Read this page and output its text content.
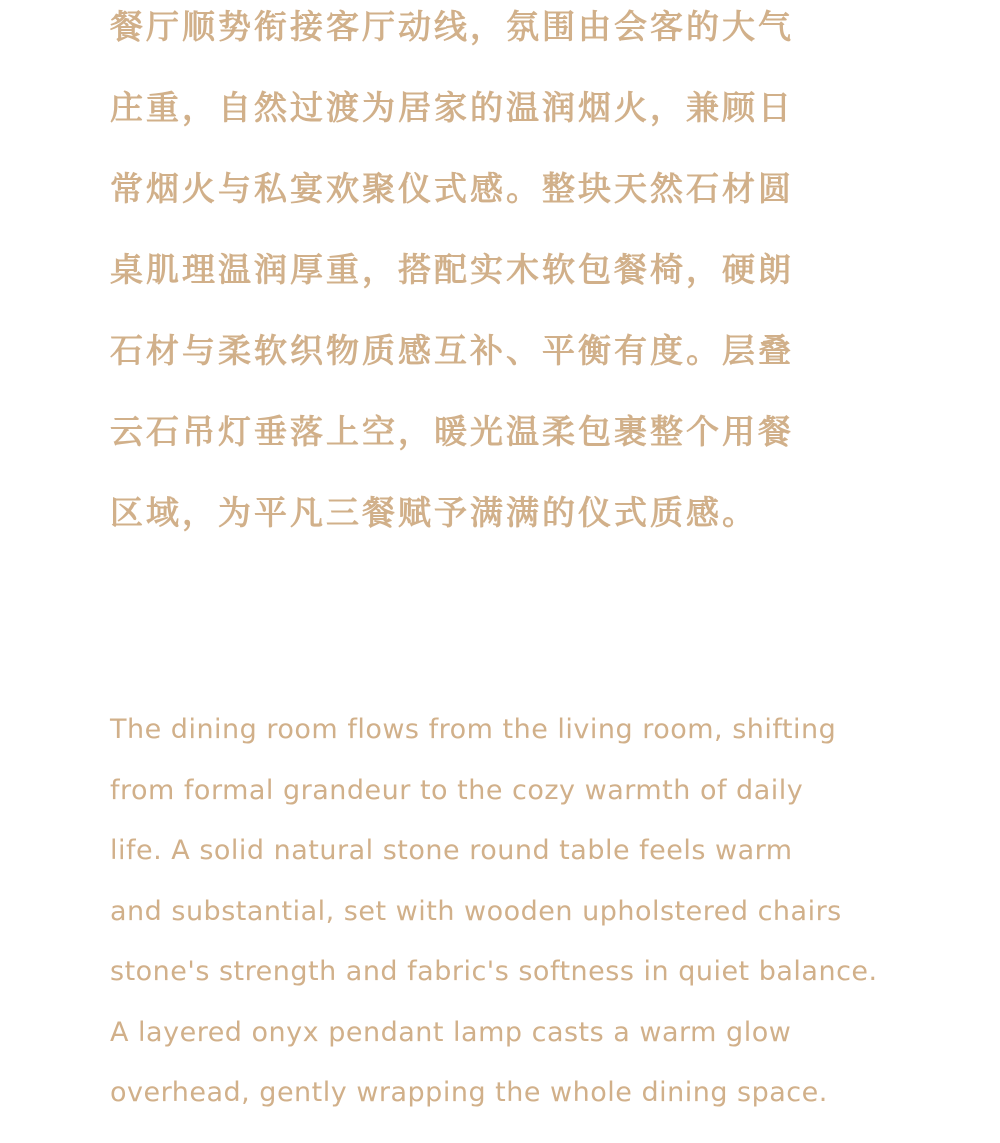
餐厅顺势衔接客厅动线，氛围由会客的大气
庄重，自然过渡为居家的温润烟火，兼顾日
常烟火与私宴欢聚仪式感。整块天然石材圆
桌肌理温润厚重，搭配实木软包餐椅，硬朗
石材与柔软织物质感互补、平衡有度。层叠
云石吊灯垂落上空，暖光温柔包裹整个用餐
区域，为平凡三餐赋予满满的仪式质感。
The dining room flows from the living room, shifting
from formal grandeur to the cozy warmth of daily
life. A solid natural stone round table feels warm
and substantial, set with wooden upholstered chairs
stone's strength and fabric's softness in quiet balance.
A layered onyx pendant lamp casts a warm glow
overhead, gently wrapping the whole dining space.
